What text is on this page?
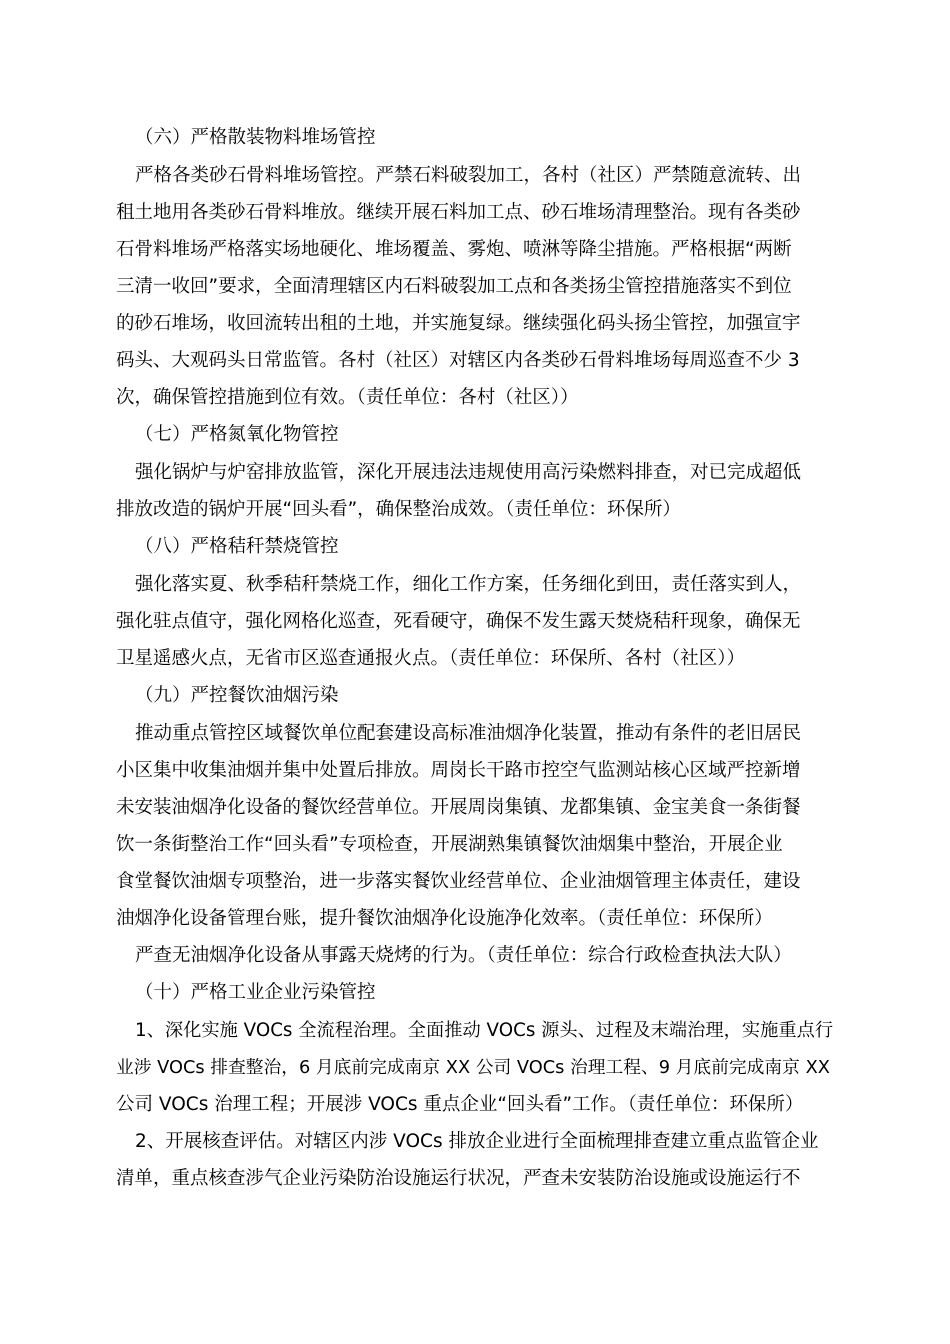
（六）严格散装物料堆场管控
严格各类砂石骨料堆场管控。严禁石料破裂加工，各村（社区）严禁随意流转、出
租土地用各类砂石骨料堆放。继续开展石料加工点、砂石堆场清理整治。现有各类砂
石骨料堆场严格落实场地硬化、堆场覆盖、雾炮、喷淋等降尘措施。严格根据“两断
三清一收回”要求，全面清理辖区内石料破裂加工点和各类扬尘管控措施落实不到位
的砂石堆场，收回流转出租的土地，并实施复绿。继续强化码头扬尘管控，加强宣宇
码头、大观码头日常监管。各村（社区）对辖区内各类砂石骨料堆场每周巡查不少 3
次，确保管控措施到位有效。（责任单位：各村（社区））
（七）严格氮氧化物管控
强化锅炉与炉窑排放监管，深化开展违法违规使用高污染燃料排查，对已完成超低
排放改造的锅炉开展“回头看”，确保整治成效。（责任单位：环保所）
（八）严格秸秆禁烧管控
强化落实夏、秋季秸秆禁烧工作，细化工作方案，任务细化到田，责任落实到人，
强化驻点值守，强化网格化巡查，死看硬守，确保不发生露天焚烧秸秆现象，确保无
卫星遥感火点，无省市区巡查通报火点。（责任单位：环保所、各村（社区））
（九）严控餐饮油烟污染
推动重点管控区域餐饮单位配套建设高标准油烟净化装置，推动有条件的老旧居民
小区集中收集油烟并集中处置后排放。周岗长干路市控空气监测站核心区域严控新增
未安装油烟净化设备的餐饮经营单位。开展周岗集镇、龙都集镇、金宝美食一条街餐
饮一条街整治工作“回头看”专项检查，开展湖熟集镇餐饮油烟集中整治，开展企业
食堂餐饮油烟专项整治，进一步落实餐饮业经营单位、企业油烟管理主体责任，建设
油烟净化设备管理台账，提升餐饮油烟净化设施净化效率。（责任单位：环保所）
严查无油烟净化设备从事露天烧烤的行为。（责任单位：综合行政检查执法大队）
（十）严格工业企业污染管控
1、深化实施 VOCs 全流程治理。全面推动 VOCs 源头、过程及末端治理，实施重点行
业涉 VOCs 排查整治，6 月底前完成南京 XX 公司 VOCs 治理工程、9 月底前完成南京 XX
公司 VOCs 治理工程；开展涉 VOCs 重点企业“回头看”工作。（责任单位：环保所）
2、开展核查评估。对辖区内涉 VOCs 排放企业进行全面梳理排查建立重点监管企业
清单，重点核查涉气企业污染防治设施运行状况，严查未安装防治设施或设施运行不
